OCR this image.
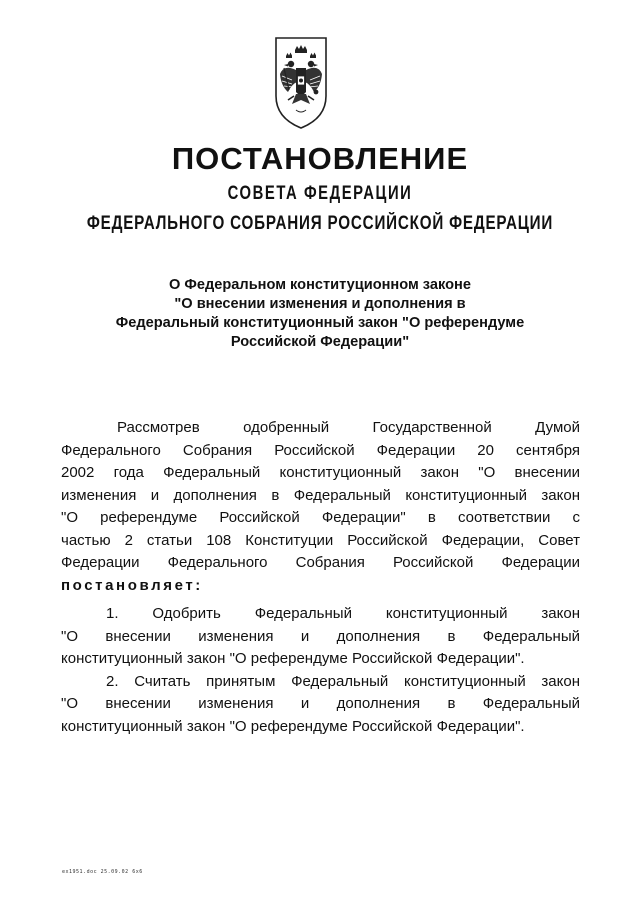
ПОСТАНОВЛЕНИЕ
СОВЕТА ФЕДЕРАЦИИ
ФЕДЕРАЛЬНОГО СОБРАНИЯ РОССИЙСКОЙ ФЕДЕРАЦИИ
О Федеральном конституционном законе
"О внесении изменения и дополнения в
Федеральный конституционный закон "О референдуме
Российской Федерации"
Рассмотрев одобренный Государственной Думой
Федерального Собрания Российской Федерации 20 сентября
2002 года Федеральный конституционный закон "О внесении
изменения и дополнения в Федеральный конституционный закон
"О референдуме Российской Федерации" в соответствии с
частью 2 статьи 108 Конституции Российской Федерации, Совет
Федерации Федерального Собрания Российской Федерации
постановляет:
1. Одобрить Федеральный конституционный закон
"О внесении изменения и дополнения в Федеральный
конституционный закон "О референдуме Российской Федерации".
2. Считать принятым Федеральный конституционный закон
"О внесении изменения и дополнения в Федеральный
конституционный закон "О референдуме Российской Федерации".
ex1951.doc 25.09.02 6x6
